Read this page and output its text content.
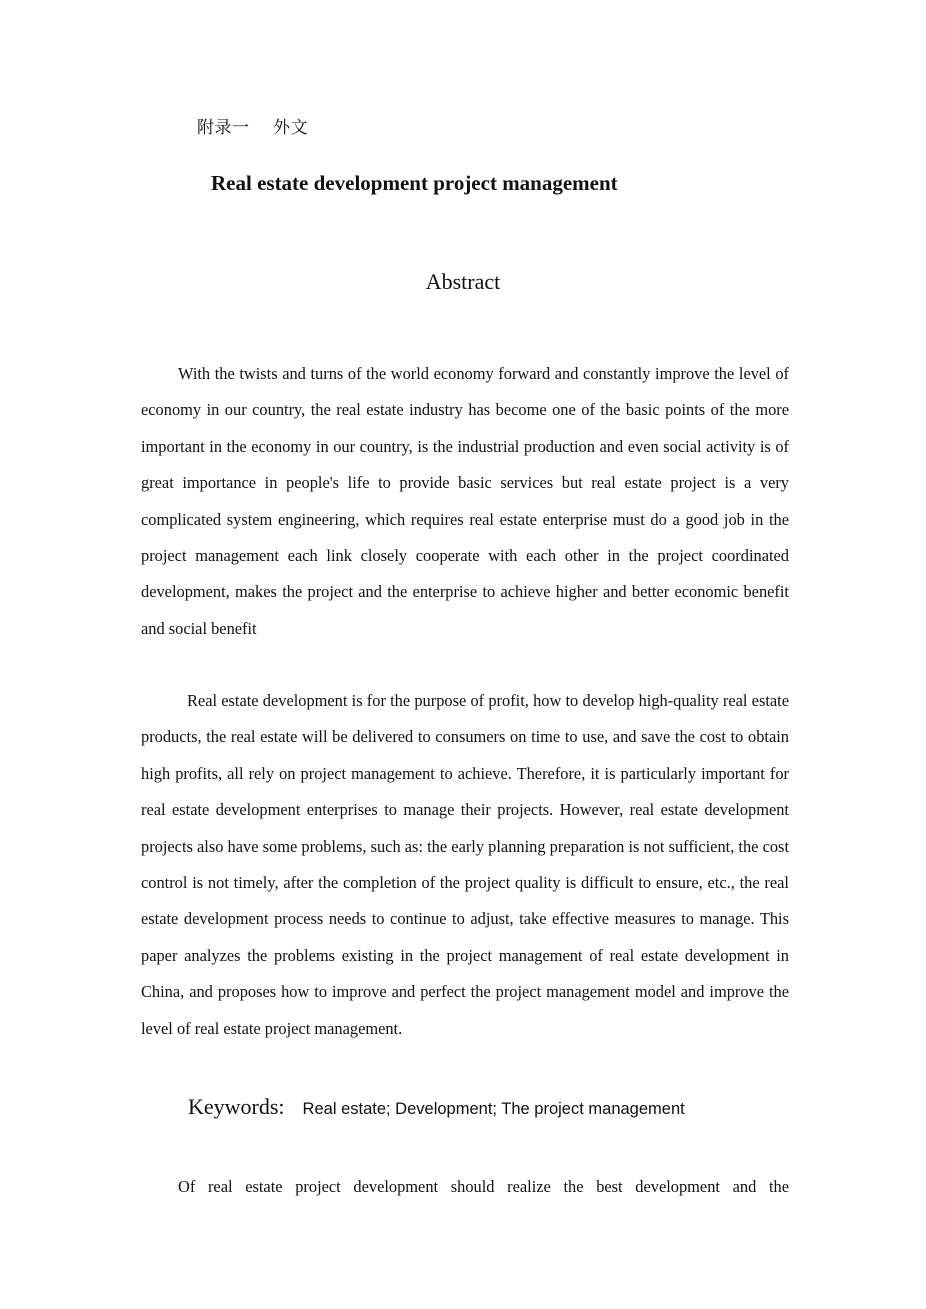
附录一    外文
Real estate development project management
Abstract

With the twists and turns of the world economy forward and constantly improve the level of economy in our country, the real estate industry has become one of the basic points of the more important in the economy in our country, is the industrial production and even social activity is of great importance in people's life to provide basic services but real estate project is a very complicated system engineering, which requires real estate enterprise must do a good job in the project management each link closely cooperate with each other in the project coordinated development, makes the project and the enterprise to achieve higher and better economic benefit and social benefit

Real estate development is for the purpose of profit, how to develop high-quality real estate products, the real estate will be delivered to consumers on time to use, and save the cost to obtain high profits, all rely on project management to achieve. Therefore, it is particularly important for real estate development enterprises to manage their projects. However, real estate development projects also have some problems, such as: the early planning preparation is not sufficient, the cost control is not timely, after the completion of the project quality is difficult to ensure, etc., the real estate development process needs to continue to adjust, take effective measures to manage. This paper analyzes the problems existing in the project management of real estate development in China, and proposes how to improve and perfect the project management model and improve the level of real estate project management.

Keywords: Real estate; Development; The project management

Of real estate project development should realize the best development and the
